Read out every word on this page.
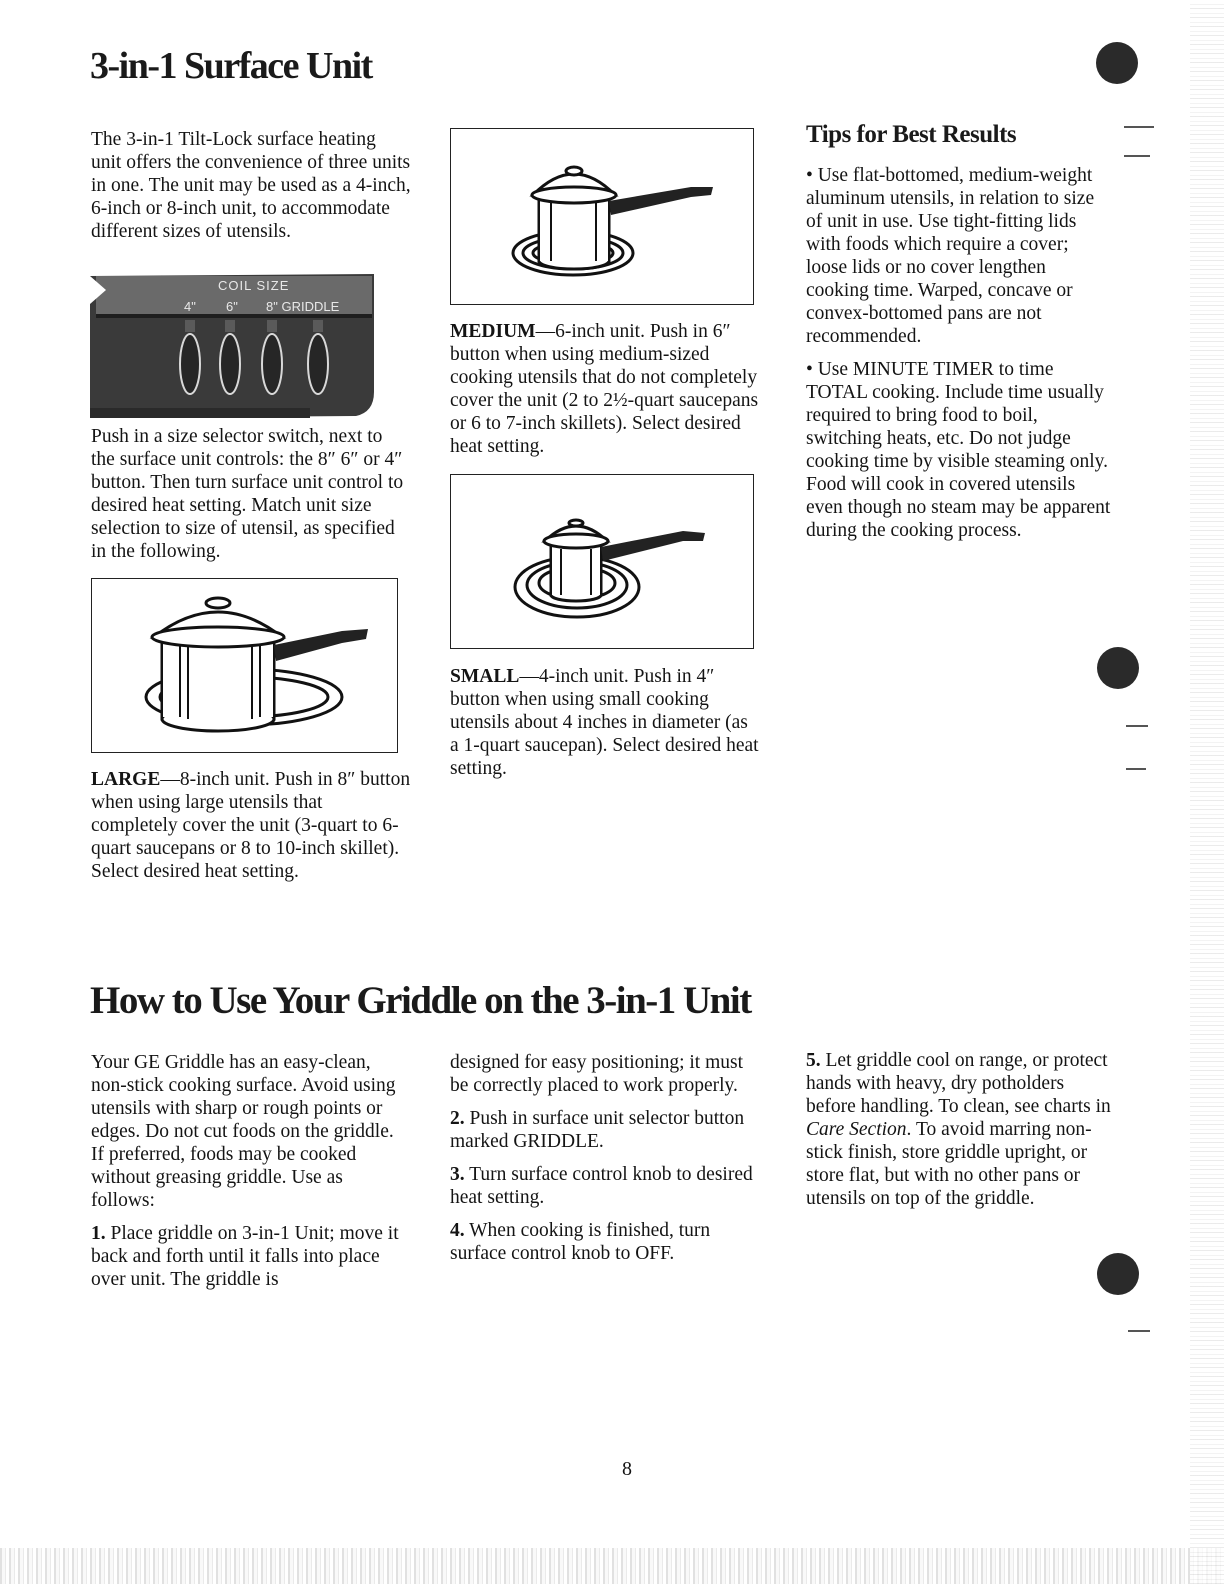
3-in-1 Surface Unit
The 3-in-1 Tilt-Lock surface heating unit offers the convenience of three units in one. The unit may be used as a 4-inch, 6-inch or 8-inch unit, to accommodate different sizes of utensils.
COIL SIZE
4" 6" 8" GRIDDLE
Push in a size selector switch, next to the surface unit controls: the 8″ 6″ or 4″ button. Then turn surface unit control to desired heat setting. Match unit size selection to size of utensil, as specified in the following.
LARGE—8-inch unit. Push in 8″ button when using large utensils that completely cover the unit (3-quart to 6-quart saucepans or 8 to 10-inch skillet). Select desired heat setting.
MEDIUM—6-inch unit. Push in 6″ button when using medium-sized cooking utensils that do not completely cover the unit (2 to 2½-quart saucepans or 6 to 7-inch skillets). Select desired heat setting.
SMALL—4-inch unit. Push in 4″ button when using small cooking utensils about 4 inches in diameter (as a 1-quart saucepan). Select desired heat setting.
Tips for Best Results

• Use flat-bottomed, medium-weight aluminum utensils, in relation to size of unit in use. Use tight-fitting lids with foods which require a cover; loose lids or no cover lengthen cooking time. Warped, concave or convex-bottomed pans are not recommended.

• Use MINUTE TIMER to time TOTAL cooking. Include time usually required to bring food to boil, switching heats, etc. Do not judge cooking time by visible steaming only. Food will cook in covered utensils even though no steam may be apparent during the cooking process.

How to Use Your Griddle on the 3-in-1 Unit

Your GE Griddle has an easy-clean, non-stick cooking surface. Avoid using utensils with sharp or rough points or edges. Do not cut foods on the griddle. If preferred, foods may be cooked without greasing griddle. Use as follows:

1. Place griddle on 3-in-1 Unit; move it back and forth until it falls into place over unit. The griddle is

designed for easy positioning; it must be correctly placed to work properly.

2. Push in surface unit selector button marked GRIDDLE.

3. Turn surface control knob to desired heat setting.

4. When cooking is finished, turn surface control knob to OFF.

5. Let griddle cool on range, or protect hands with heavy, dry potholders before handling. To clean, see charts in Care Section. To avoid marring non-stick finish, store griddle upright, or store flat, but with no other pans or utensils on top of the griddle.

8
